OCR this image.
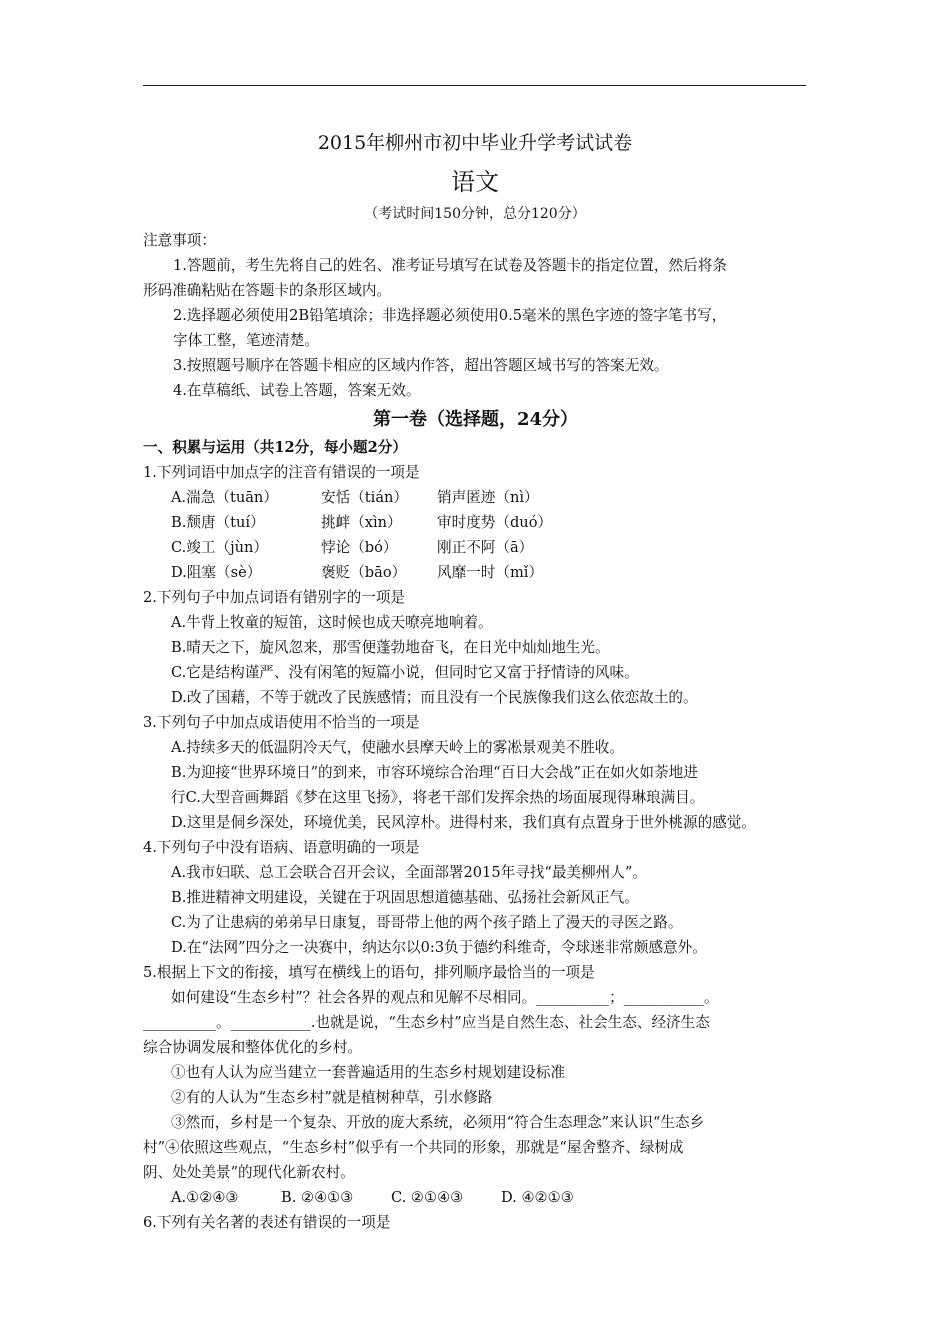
2015年柳州市初中毕业升学考试试卷
语文
（考试时间150分钟，总分120分）
注意事项：
1.答题前，考生先将自己的姓名、准考证号填写在试卷及答题卡的指定位置，然后将条
形码准确粘贴在答题卡的条形区域内。
2.选择题必须使用2B铅笔填涂；非选择题必须使用0.5毫米的黑色字迹的签字笔书写，
字体工整，笔迹清楚。
3.按照题号顺序在答题卡相应的区域内作答，超出答题区域书写的答案无效。
4.在草稿纸、试卷上答题，答案无效。
第一卷（选择题，24分）
一、积累与运用（共12分，每小题2分）
1.下列词语中加点字的注音有错误的一项是
A.湍急（tuān）	安恬（tián）	销声匿迹（nì）
B.颓唐（tuí）	挑衅（xìn）	审时度势（duó）
C.竣工（jùn）	悖论（bó）	刚正不阿（ā）
D.阻塞（sè）	褒贬（bāo）	风靡一时（mǐ）
2.下列句子中加点词语有错别字的一项是
A.牛背上牧童的短笛，这时候也成天嘹亮地响着。
B.晴天之下，旋风忽来，那雪便蓬勃地奋飞，在日光中灿灿地生光。
C.它是结构谨严、没有闲笔的短篇小说，但同时它又富于抒情诗的风味。
D.改了国藉，不等于就改了民族感情；而且没有一个民族像我们这么依恋故土的。
3.下列句子中加点成语使用不恰当的一项是
A.持续多天的低温阴冷天气，使融水县摩天岭上的雾凇景观美不胜收。
B.为迎接“世界环境日”的到来，市容环境综合治理“百日大会战”正在如火如荼地进
行C.大型音画舞蹈《梦在这里飞扬》，将老干部们发挥余热的场面展现得琳琅满目。
D.这里是侗乡深处，环境优美，民风淳朴。进得村来，我们真有点置身于世外桃源的感觉。
4.下列句子中没有语病、语意明确的一项是
A.我市妇联、总工会联合召开会议，全面部署2015年寻找“最美柳州人”。
B.推进精神文明建设，关键在于巩固思想道德基础、弘扬社会新风正气。
C.为了让患病的弟弟早日康复，哥哥带上他的两个孩子踏上了漫天的寻医之路。
D.在“法网”四分之一决赛中，纳达尔以0:3负于德约科维奇，令球迷非常颇感意外。
5.根据上下文的衔接，填写在横线上的语句，排列顺序最恰当的一项是
如何建设“生态乡村”？社会各界的观点和见解不尽相同。__________；___________。
__________。___________.也就是说，“生态乡村”应当是自然生态、社会生态、经济生态
综合协调发展和整体优化的乡村。
①也有人认为应当建立一套普遍适用的生态乡村规划建设标准
②有的人认为“生态乡村”就是植树种草，引水修路
③然而，乡村是一个复杂、开放的庞大系统，必须用“符合生态理念”来认识“生态乡
村”④依照这些观点，“生态乡村”似乎有一个共同的形象，那就是“屋舍整齐、绿树成
阴、处处美景”的现代化新农村。
A.①②④③	B. ②④①③	C. ②①④③	D. ④②①③
6.下列有关名著的表述有错误的一项是
